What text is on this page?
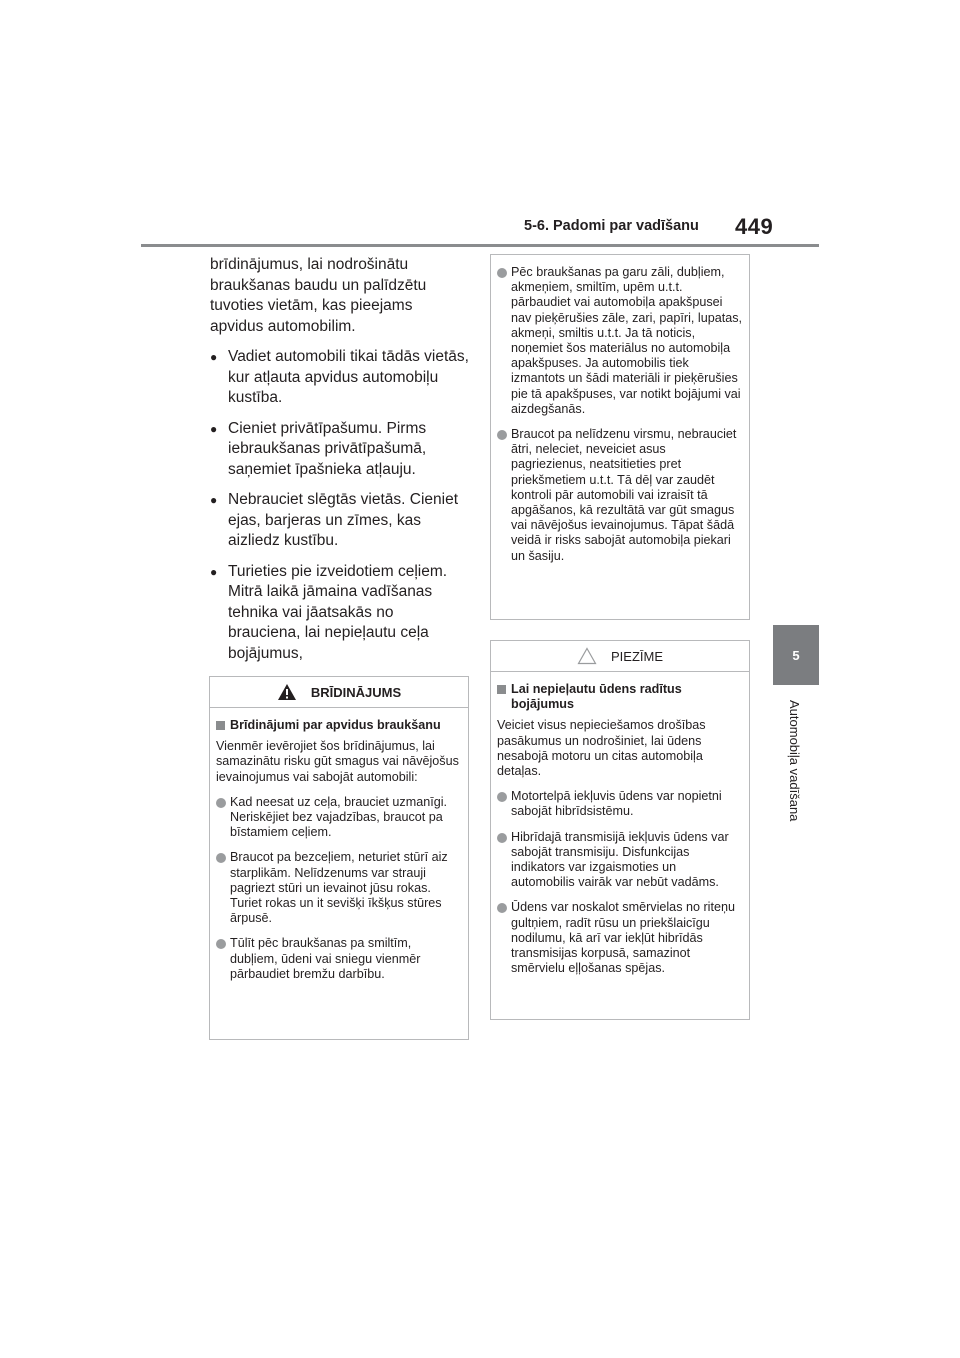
5-6. Padomi par vadīšanu 449
5
Automobiļa vadīšana

brīdinājumus, lai nodrošinātu braukšanas baudu un palīdzētu tuvoties vietām, kas pieejams apvidus automobilim.

● Vadiet automobili tikai tādās vietās, kur atļauta apvidus automobiļu kustība.
● Cieniet privātīpašumu. Pirms iebraukšanas privātīpašumā, saņemiet īpašnieka atļauju.
● Nebrauciet slēgtās vietās. Cieniet ejas, barjeras un zīmes, kas aizliedz kustību.
● Turieties pie izveidotiem ceļiem. Mitrā laikā jāmaina vadīšanas tehnika vai jāatsakās no brauciena, lai nepieļautu ceļa bojājumus,
BRĪDINĀJUMS
Brīdinājumi par apvidus braukšanu
Vienmēr ievērojiet šos brīdinājumus, lai samazinātu risku gūt smagus vai nāvējošus ievainojumus vai sabojāt automobili:
Kad neesat uz ceļa, brauciet uzmanīgi. Neriskējiet bez vajadzības, braucot pa bīstamiem ceļiem.
Braucot pa bezceļiem, neturiet stūrī aiz starplikām. Nelīdzenums var strauji pagriezt stūri un ievainot jūsu rokas. Turiet rokas un it sevišķi īkšķus stūres ārpusē.
Tūlīt pēc braukšanas pa smiltīm, dubļiem, ūdeni vai sniegu vienmēr pārbaudiet bremžu darbību.
Pēc braukšanas pa garu zāli, dubļiem, akmeņiem, smiltīm, upēm u.t.t. pārbaudiet vai automobiļa apakšpusei nav pieķērušies zāle, zari, papīri, lupatas, akmeņi, smiltis u.t.t. Ja tā noticis, noņemiet šos materiālus no automobiļa apakšpuses. Ja automobilis tiek izmantots un šādi materiāli ir pieķērušies pie tā apakšpuses, var notikt bojājumi vai aizdegšanās.
Braucot pa nelīdzenu virsmu, nebrauciet ātri, neleciet, neveiciet asus pagriezienus, neatsitieties pret priekšmetiem u.t.t. Tā dēļ var zaudēt kontroli pār automobili vai izraisīt tā apgāšanos, kā rezultātā var gūt smagus vai nāvējošus ievainojumus. Tāpat šādā veidā ir risks sabojāt automobiļa piekari un šasiju.
PIEZĪME
Lai nepieļautu ūdens radītus bojājumus
Veiciet visus nepieciešamos drošības pasākumus un nodrošiniet, lai ūdens nesabojā motoru un citas automobiļa detaļas.
Motortelpā iekļuvis ūdens var nopietni sabojāt hibrīdsistēmu.
Hibrīdajā transmisijā iekļuvis ūdens var sabojāt transmisiju. Disfunkcijas indikators var izgaismoties un automobilis vairāk var nebūt vadāms.
Ūdens var noskalot smērvielas no riteņu gultņiem, radīt rūsu un priekšlaicīgu nodilumu, kā arī var iekļūt hibrīdās transmisijas korpusā, samazinot smērvielu eļļošanas spējas.
